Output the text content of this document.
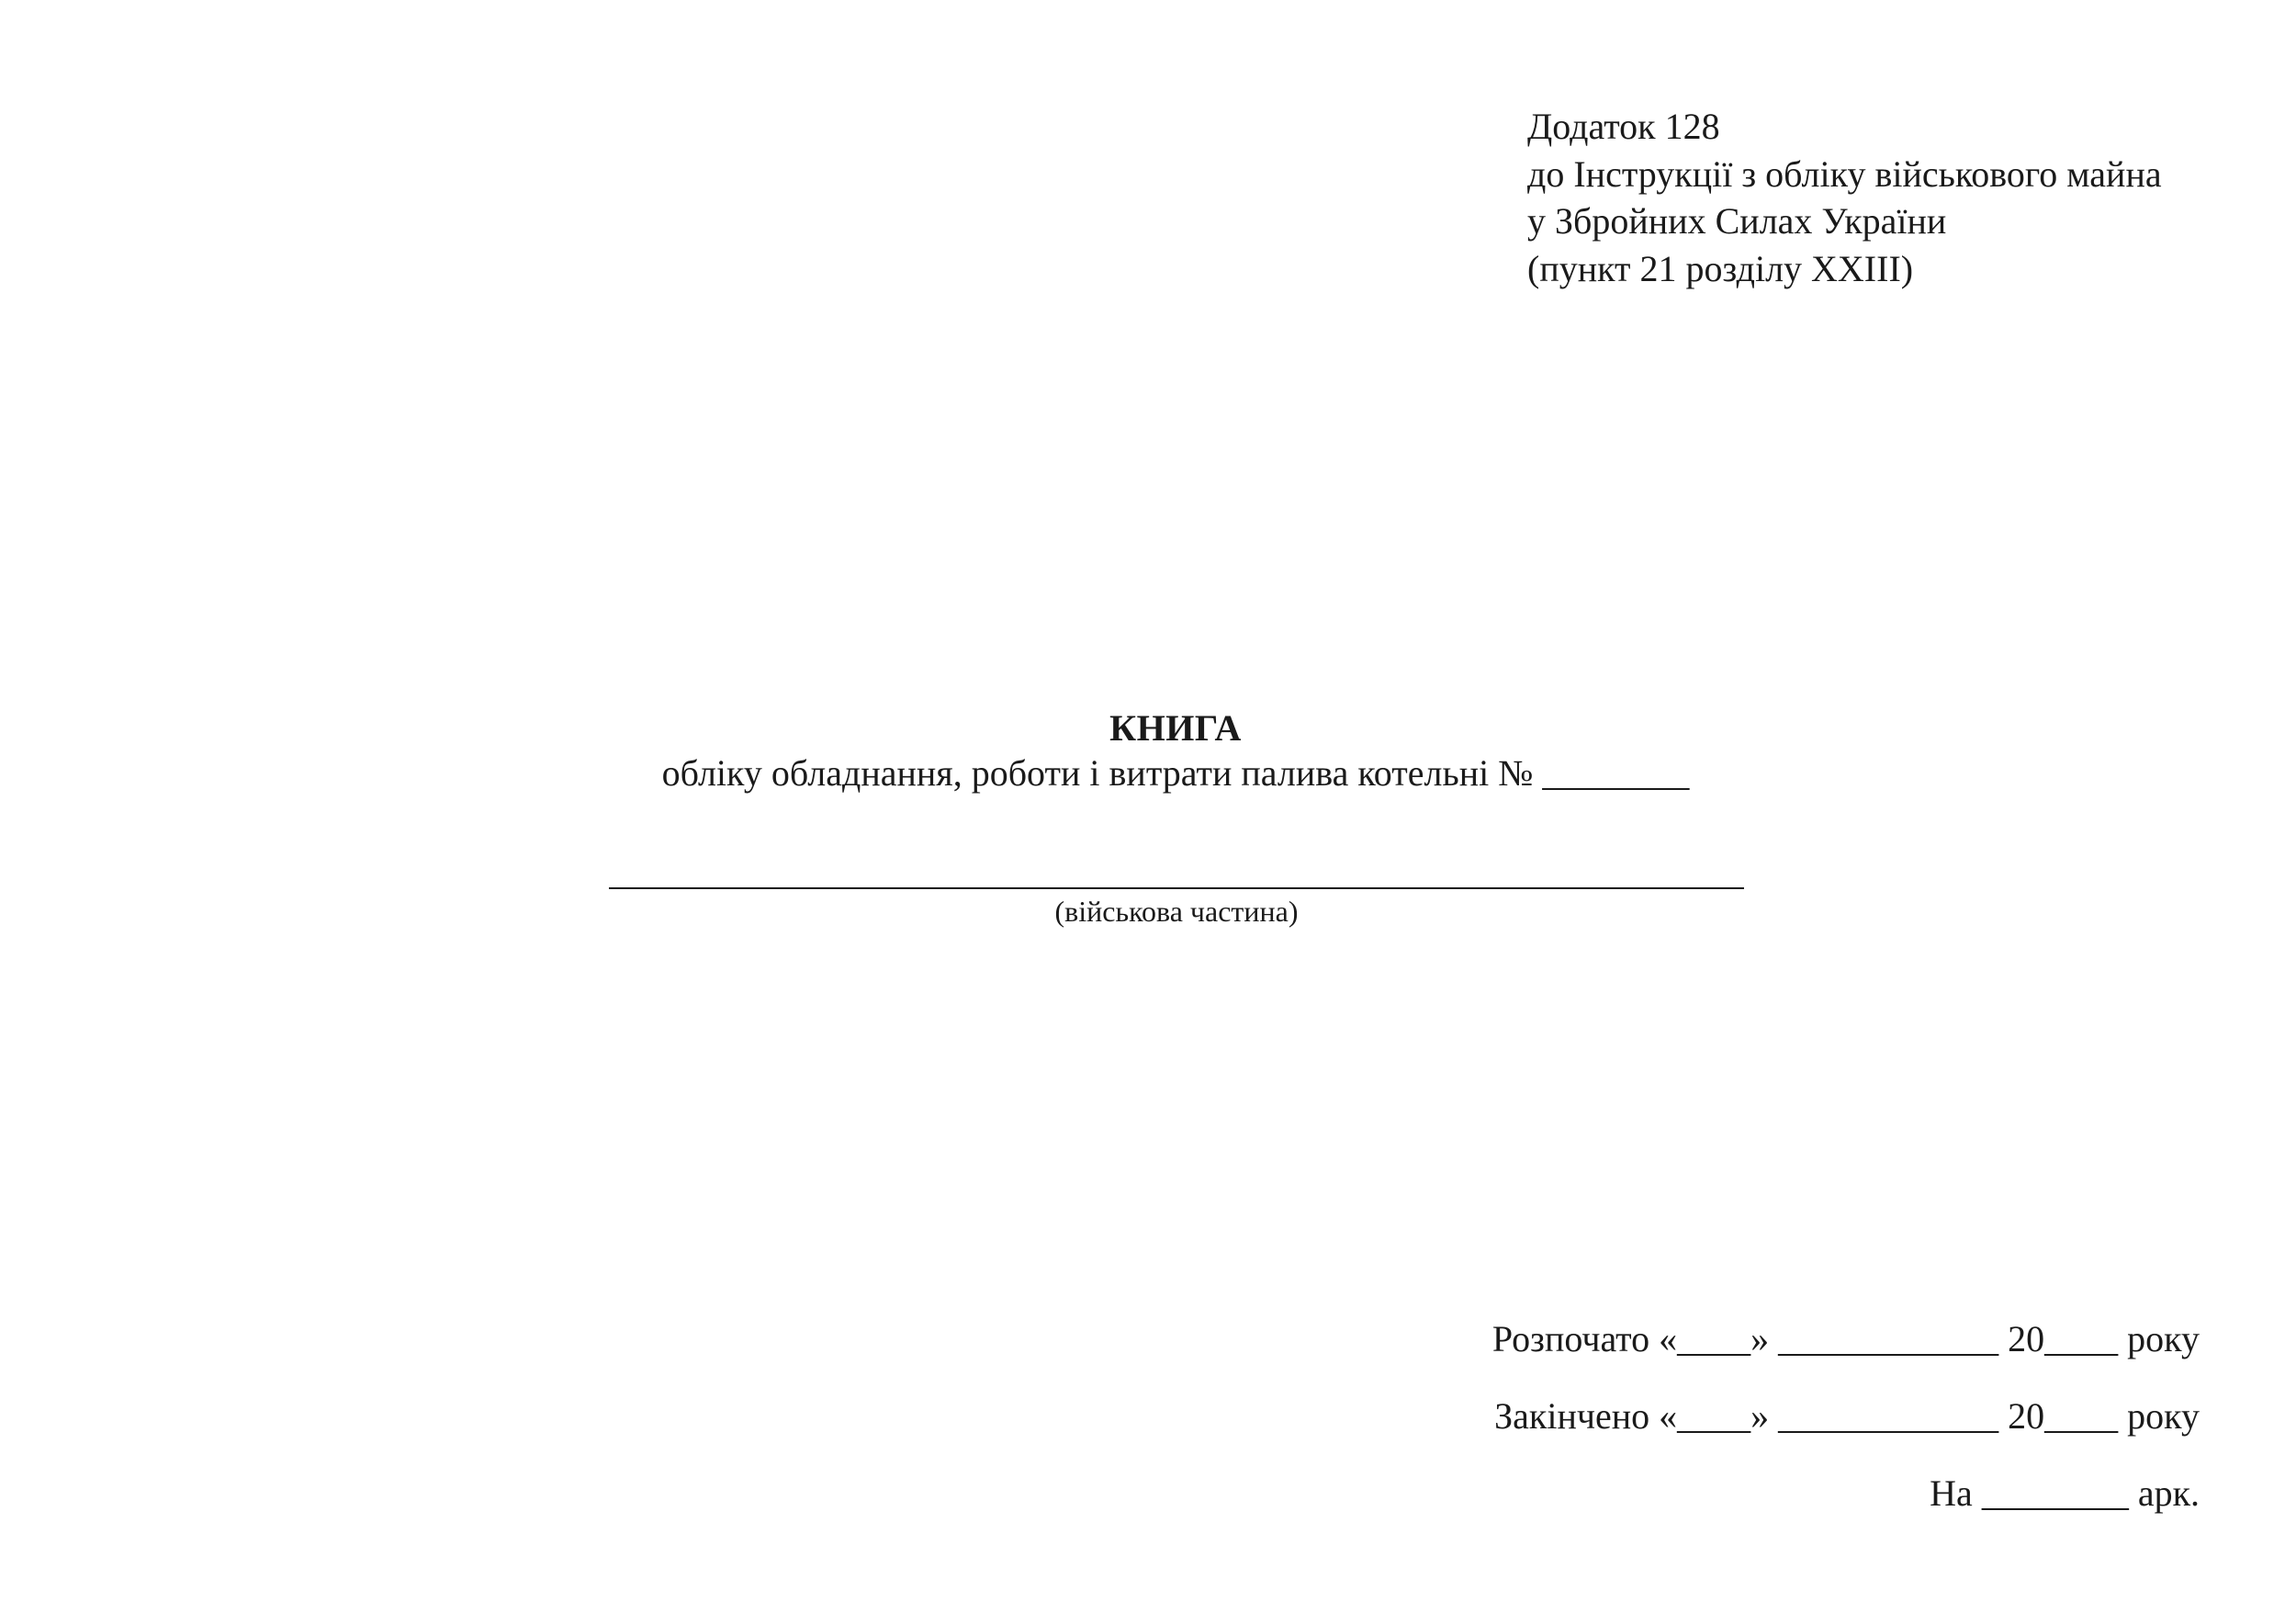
Додаток 128
до Інструкції з обліку військового майна
у Збройних Силах України
(пункт 21 розділу XXIII)
КНИГА
обліку обладнання, роботи і витрати палива котельні № ________
(військова частина)
Розпочато «____» ____________ 20____ року
Закінчено «____» ____________ 20____ року
На ________ арк.
